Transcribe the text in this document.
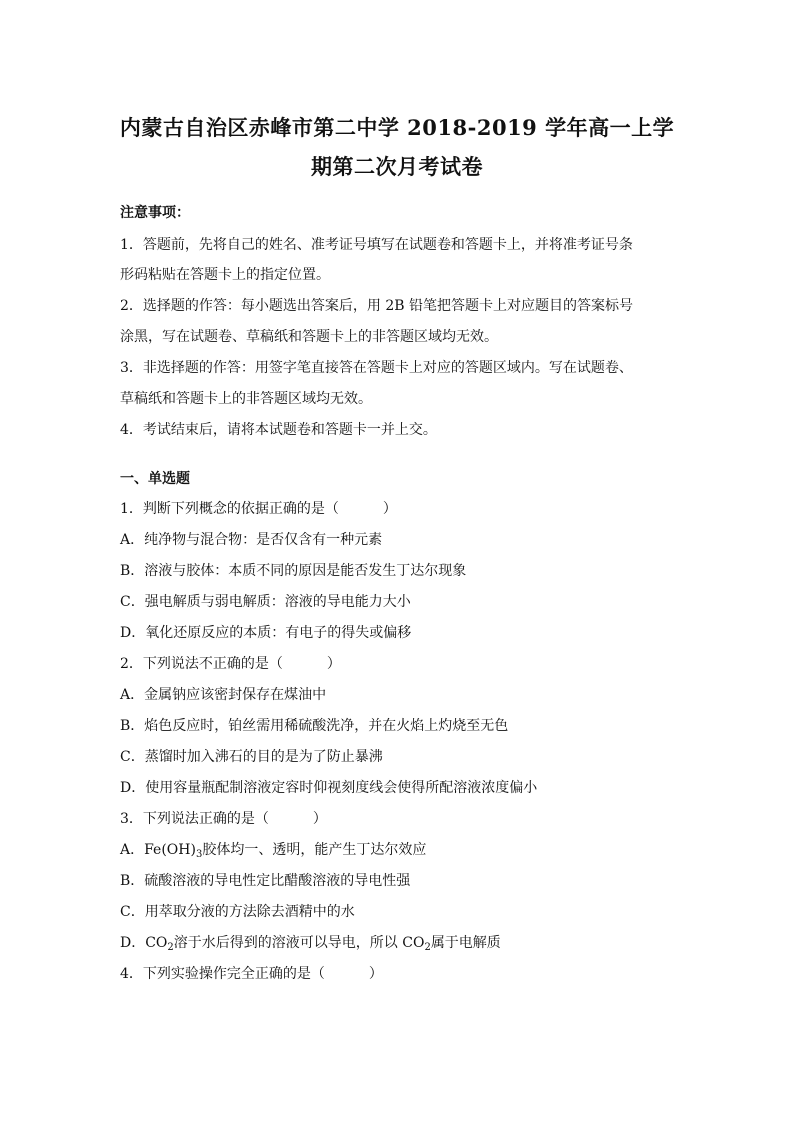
内蒙古自治区赤峰市第二中学 2018-2019 学年高一上学
期第二次月考试卷
注意事项：
1．答题前，先将自己的姓名、准考证号填写在试题卷和答题卡上，并将准考证号条
形码粘贴在答题卡上的指定位置。
2．选择题的作答：每小题选出答案后，用 2B 铅笔把答题卡上对应题目的答案标号
涂黑，写在试题卷、草稿纸和答题卡上的非答题区域均无效。
3．非选择题的作答：用签字笔直接答在答题卡上对应的答题区域内。写在试题卷、
草稿纸和答题卡上的非答题区域均无效。
4．考试结束后，请将本试题卷和答题卡一并上交。
一、单选题
1．判断下列概念的依据正确的是（	）
A．纯净物与混合物：是否仅含有一种元素
B．溶液与胶体：本质不同的原因是能否发生丁达尔现象
C．强电解质与弱电解质：溶液的导电能力大小
D．氧化还原反应的本质：有电子的得失或偏移
2．下列说法不正确的是（	）
A．金属钠应该密封保存在煤油中
B．焰色反应时，铂丝需用稀硫酸洗净，并在火焰上灼烧至无色
C．蒸馏时加入沸石的目的是为了防止暴沸
D．使用容量瓶配制溶液定容时仰视刻度线会使得所配溶液浓度偏小
3．下列说法正确的是（	）
A．$Fe(OH)_3$胶体均一、透明，能产生丁达尔效应
B．硫酸溶液的导电性定比醋酸溶液的导电性强
C．用萃取分液的方法除去酒精中的水
D．$CO_2$溶于水后得到的溶液可以导电，所以 $CO_2$属于电解质
4．下列实验操作完全正确的是（	）
